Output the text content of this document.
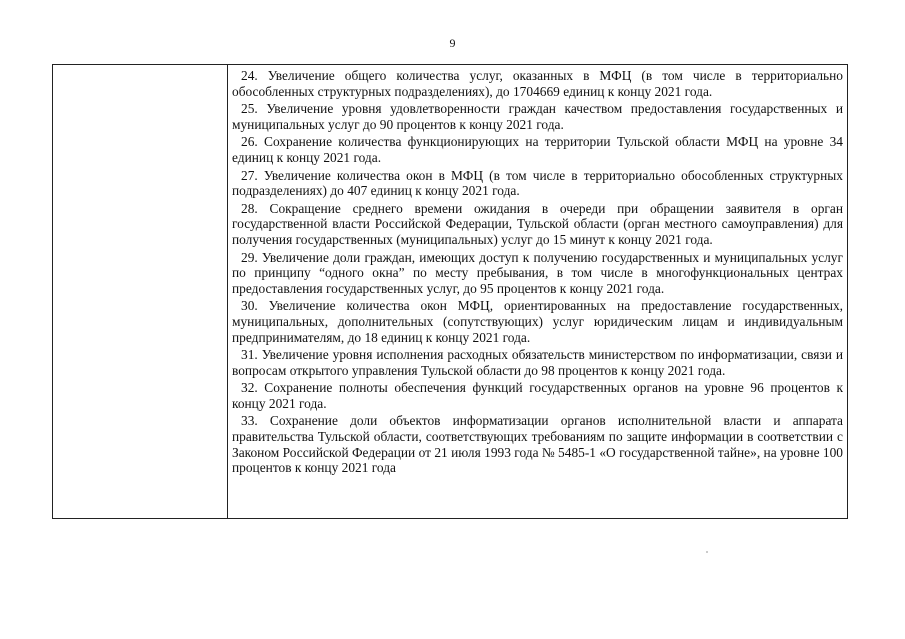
9

24. Увеличение общего количества услуг, оказанных в МФЦ (в том числе в территориально обособленных структурных подразделениях), до 1704669 единиц к концу 2021 года.

25. Увеличение уровня удовлетворенности граждан качеством предоставления государственных и муниципальных услуг до 90 процентов к концу 2021 года.

26. Сохранение количества функционирующих на территории Тульской области МФЦ на уровне 34 единиц к концу 2021 года.

27. Увеличение количества окон в МФЦ (в том числе в территориально обособленных структурных подразделениях) до 407 единиц к концу 2021 года.

28. Сокращение среднего времени ожидания в очереди при обращении заявителя в орган государственной власти Российской Федерации, Тульской области (орган местного самоуправления) для получения государственных (муниципальных) услуг до 15 минут к концу 2021 года.

29. Увеличение доли граждан, имеющих доступ к получению государственных и муниципальных услуг по принципу “одного окна” по месту пребывания, в том числе в многофункциональных центрах предоставления государственных услуг, до 95 процентов к концу 2021 года.

30. Увеличение количества окон МФЦ, ориентированных на предоставление государственных, муниципальных, дополнительных (сопутствующих) услуг юридическим лицам и индивидуальным предпринимателям, до 18 единиц к концу 2021 года.

31. Увеличение уровня исполнения расходных обязательств министерством по информатизации, связи и вопросам открытого управления Тульской области до 98 процентов к концу 2021 года.

32. Сохранение полноты обеспечения функций государственных органов на уровне 96 процентов к концу 2021 года.

33. Сохранение доли объектов информатизации органов исполнительной власти и аппарата правительства Тульской области, соответствующих требованиям по защите информации в соответствии с Законом Российской Федерации от 21 июля 1993 года № 5485-1 «О государственной тайне», на уровне 100 процентов к концу 2021 года
